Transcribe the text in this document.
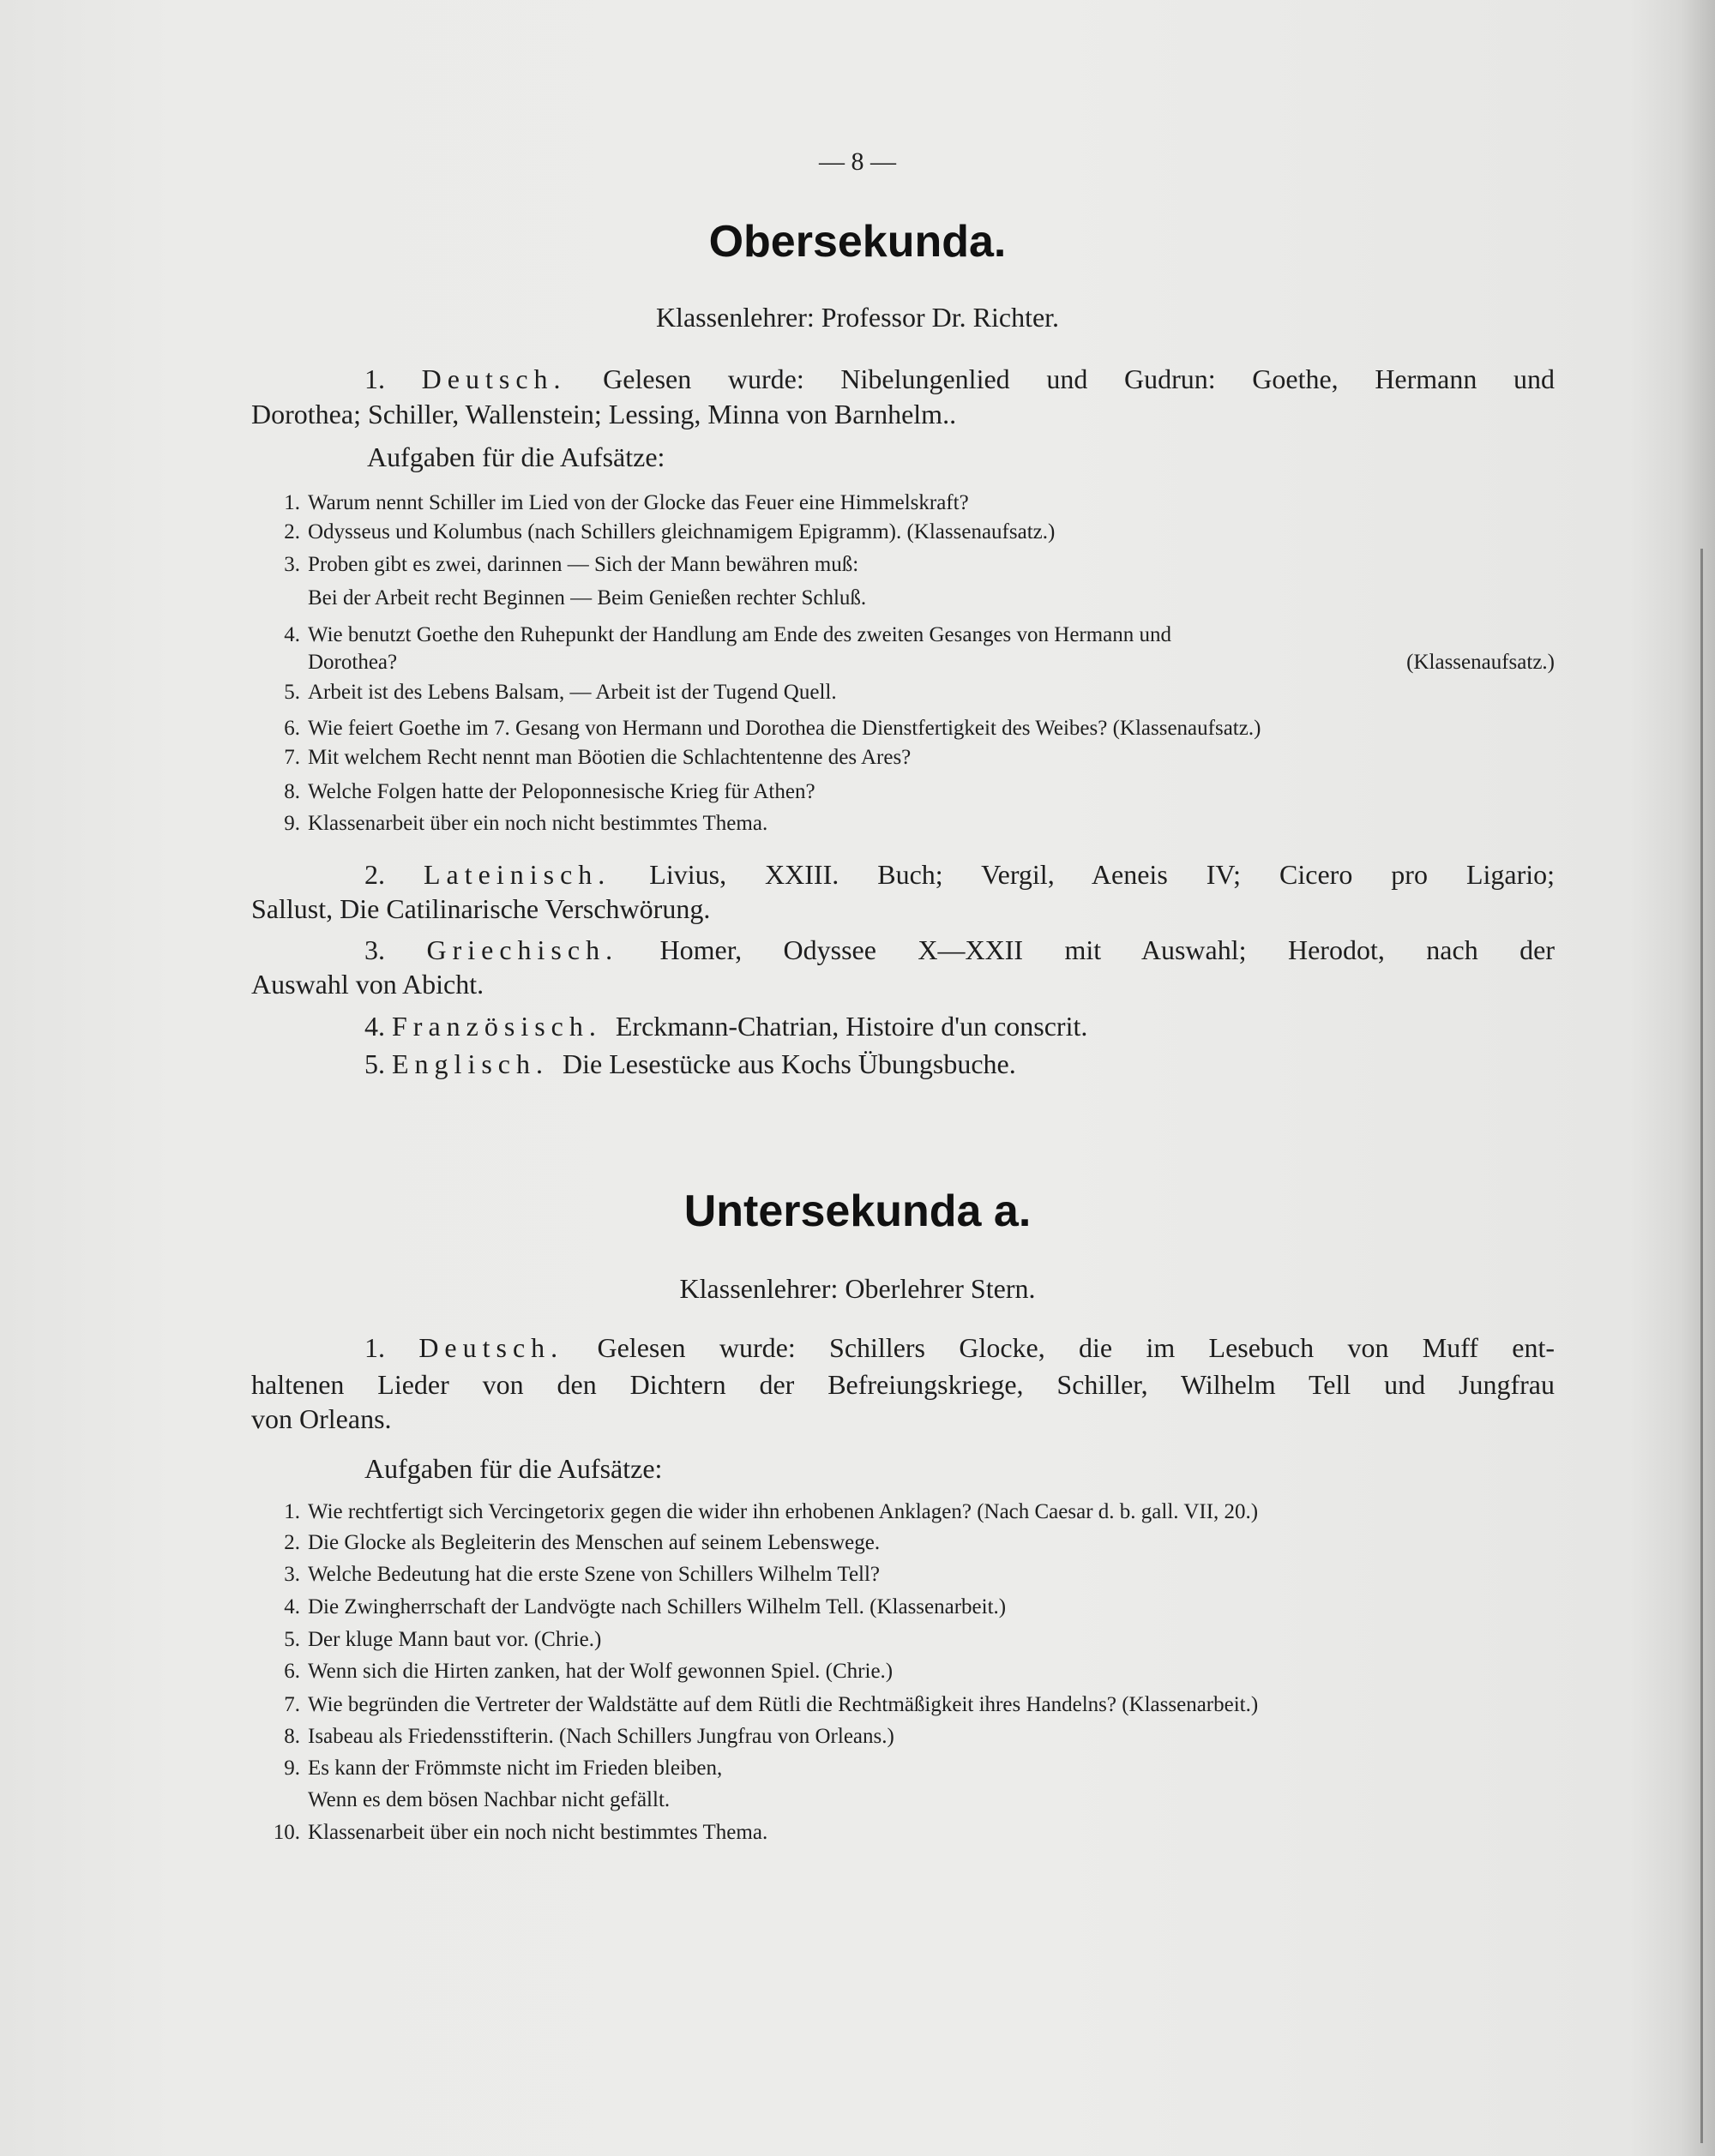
— 8 —
Obersekunda.
Klassenlehrer: Professor Dr. Richter.
1. Deutsch. Gelesen wurde: Nibelungenlied und Gudrun: Goethe, Hermann und
Dorothea; Schiller, Wallenstein; Lessing, Minna von Barnhelm..
Aufgaben für die Aufsätze:
1. Warum nennt Schiller im Lied von der Glocke das Feuer eine Himmelskraft?
2. Odysseus und Kolumbus (nach Schillers gleichnamigem Epigramm). (Klassenaufsatz.)
3. Proben gibt es zwei, darinnen — Sich der Mann bewähren muß:
Bei der Arbeit recht Beginnen — Beim Genießen rechter Schluß.
4. Wie benutzt Goethe den Ruhepunkt der Handlung am Ende des zweiten Gesanges von Hermann und
Dorothea? (Klassenaufsatz.)
5. Arbeit ist des Lebens Balsam, — Arbeit ist der Tugend Quell.
6. Wie feiert Goethe im 7. Gesang von Hermann und Dorothea die Dienstfertigkeit des Weibes? (Klassenaufsatz.)
7. Mit welchem Recht nennt man Böotien die Schlachtentenne des Ares?
8. Welche Folgen hatte der Peloponnesische Krieg für Athen?
9. Klassenarbeit über ein noch nicht bestimmtes Thema.
2. Lateinisch. Livius, XXIII. Buch; Vergil, Aeneis IV; Cicero pro Ligario;
Sallust, Die Catilinarische Verschwörung.
3. Griechisch. Homer, Odyssee X—XXII mit Auswahl; Herodot, nach der
Auswahl von Abicht.
4. Französisch. Erckmann-Chatrian, Histoire d'un conscrit.
5. Englisch. Die Lesestücke aus Kochs Übungsbuche.
Untersekunda a.
Klassenlehrer: Oberlehrer Stern.
1. Deutsch. Gelesen wurde: Schillers Glocke, die im Lesebuch von Muff ent-
haltenen Lieder von den Dichtern der Befreiungskriege, Schiller, Wilhelm Tell und Jungfrau
von Orleans.
Aufgaben für die Aufsätze:
1. Wie rechtfertigt sich Vercingetorix gegen die wider ihn erhobenen Anklagen? (Nach Caesar d. b. gall. VII, 20.)
2. Die Glocke als Begleiterin des Menschen auf seinem Lebenswege.
3. Welche Bedeutung hat die erste Szene von Schillers Wilhelm Tell?
4. Die Zwingherrschaft der Landvögte nach Schillers Wilhelm Tell. (Klassenarbeit.)
5. Der kluge Mann baut vor. (Chrie.)
6. Wenn sich die Hirten zanken, hat der Wolf gewonnen Spiel. (Chrie.)
7. Wie begründen die Vertreter der Waldstätte auf dem Rütli die Rechtmäßigkeit ihres Handelns? (Klassenarbeit.)
8. Isabeau als Friedensstifterin. (Nach Schillers Jungfrau von Orleans.)
9. Es kann der Frömmste nicht im Frieden bleiben,
Wenn es dem bösen Nachbar nicht gefällt.
10. Klassenarbeit über ein noch nicht bestimmtes Thema.
